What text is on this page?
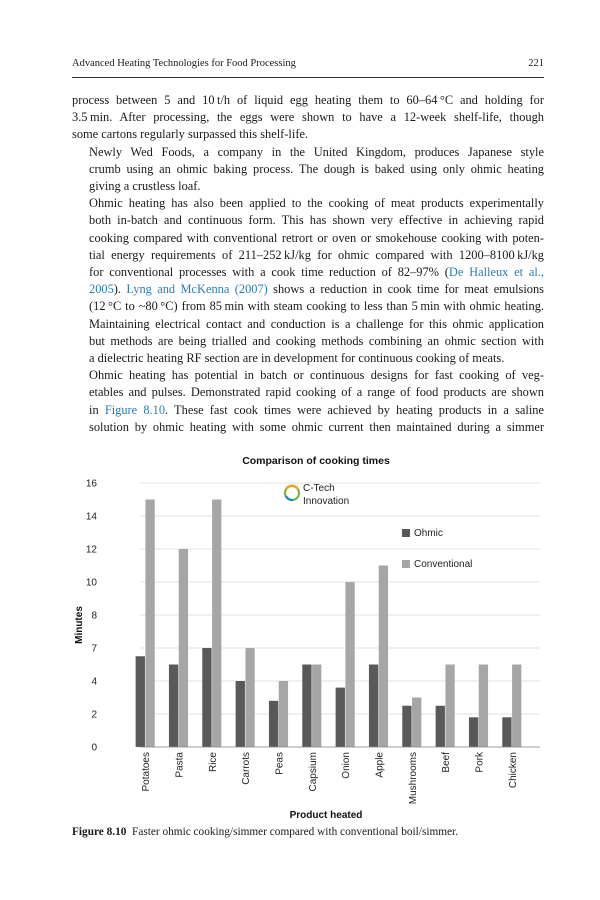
Advanced Heating Technologies for Food Processing	221

process between 5 and 10 t/h of liquid egg heating them to 60–64 °C and holding for
3.5 min. After processing, the eggs were shown to have a 12-week shelf-life, though
some cartons regularly surpassed this shelf-life.

Newly Wed Foods, a company in the United Kingdom, produces Japanese style
crumb using an ohmic baking process. The dough is baked using only ohmic heating
giving a crustless loaf.

Ohmic heating has also been applied to the cooking of meat products experimentally
both in-batch and continuous form. This has shown very effective in achieving rapid
cooking compared with conventional retrort or oven or smokehouse cooking with poten-
tial energy requirements of 211–252 kJ/kg for ohmic compared with 1200–8100 kJ/kg
for conventional processes with a cook time reduction of 82–97% (De Halleux et al.,
2005). Lyng and McKenna (2007) shows a reduction in cook time for meat emulsions
(12 °C to ~80 °C) from 85 min with steam cooking to less than 5 min with ohmic heating.
Maintaining electrical contact and conduction is a challenge for this ohmic application
but methods are being trialled and cooking methods combining an ohmic section with
a dielectric heating RF section are in development for continuous cooking of meats.

Ohmic heating has potential in batch or continuous designs for fast cooking of veg-
etables and pulses. Demonstrated rapid cooking of a range of food products are shown
in Figure 8.10. These fast cook times were achieved by heating products in a saline
solution by ohmic heating with some ohmic current then maintained during a simmer

Comparison of cooking times
0
2
4
7
8
10
12
14
16
Potatoes Pasta Rice Carrots Peas Capsium Onion Apple Mushrooms Beef Pork Chicken
Minutes
Product heated
C-Tech
Innovation
Ohmic
Conventional
Figure 8.10 Faster ohmic cooking/simmer compared with conventional boil/simmer.
